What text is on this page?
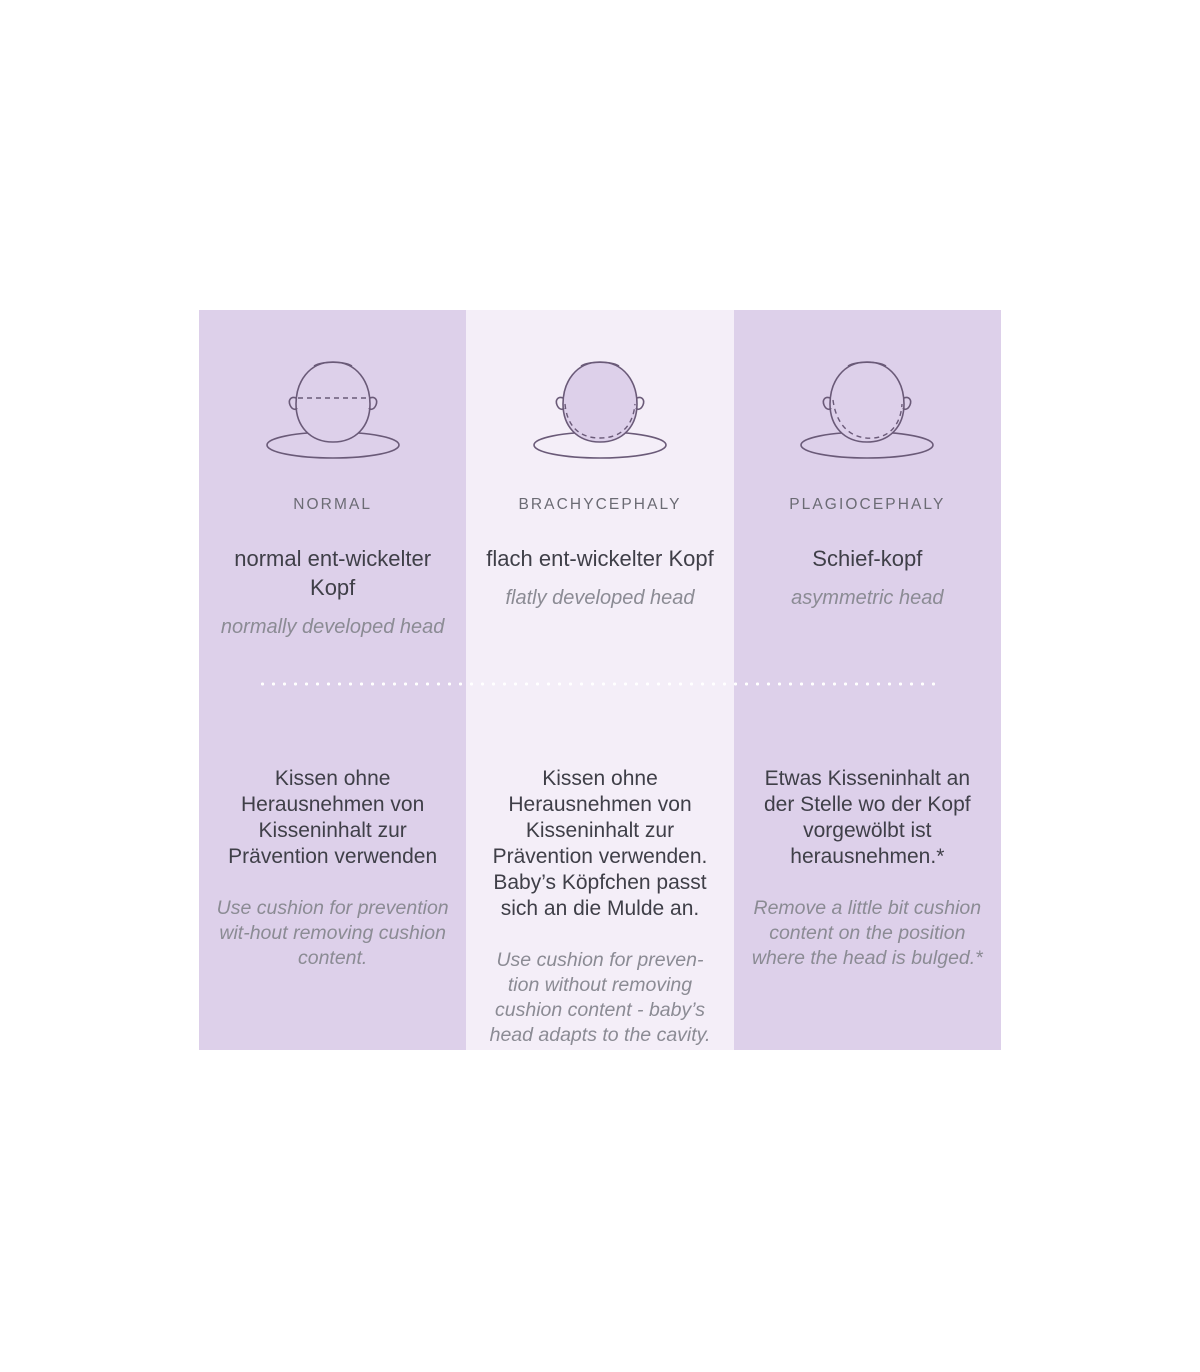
NORMAL
normal ent-wickelter Kopf
normally developed head
Kissen ohne Herausnehmen von Kisseninhalt zur Prävention verwenden
Use cushion for prevention wit-hout removing cushion content.
BRACHYCEPHALY
flach ent-wickelter Kopf
flatly developed head
Kissen ohne Herausnehmen von Kisseninhalt zur Prävention verwenden. Baby’s Köpfchen passt sich an die Mulde an.
Use cushion for preven-tion without removing cushion content - baby’s head adapts to the cavity.
PLAGIOCEPHALY
Schief-kopf
asymmetric head
Etwas Kisseninhalt an der Stelle wo der Kopf vorgewölbt ist herausnehmen.*
Remove a little bit cushion content on the position where the head is bulged.*
